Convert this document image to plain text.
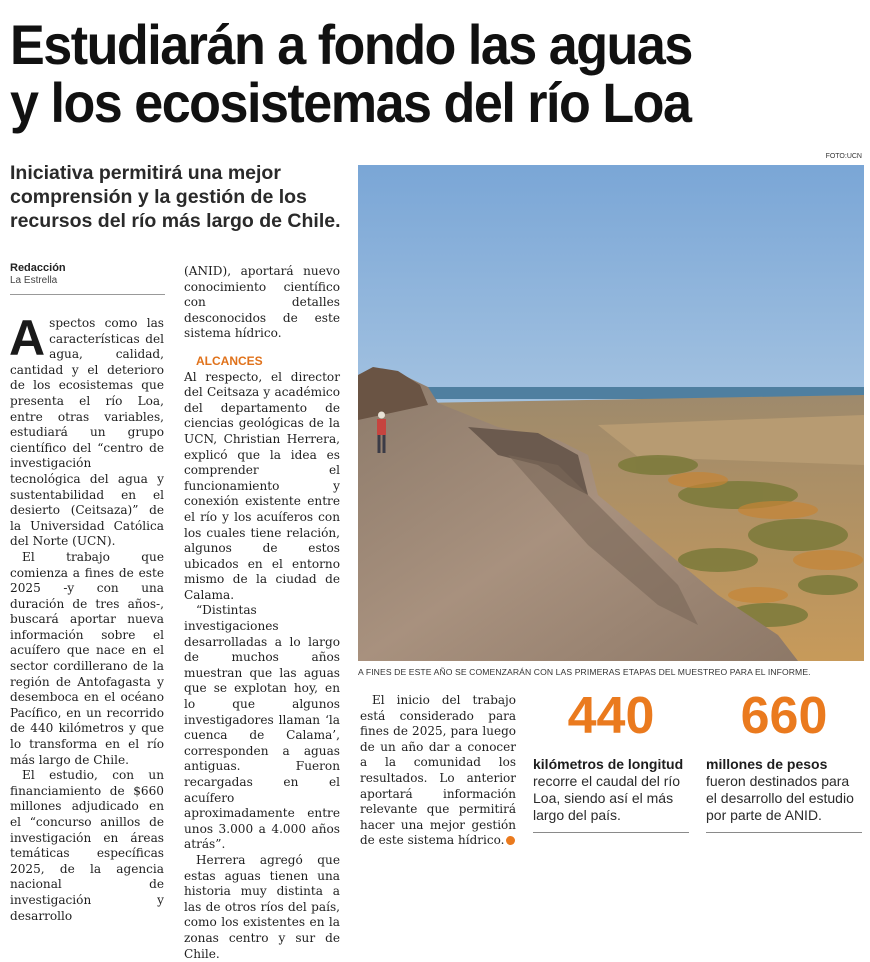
Estudiarán a fondo las aguas
y los ecosistemas del río Loa
Iniciativa permitirá una mejor comprensión y la gestión de los recursos del río más largo de Chile.
FOTO:UCN
A FINES DE ESTE AÑO SE COMENZARÁN CON LAS PRIMERAS ETAPAS DEL MUESTREO PARA EL INFORME.
Redacción
La Estrella

Aspectos como las características del agua, calidad, cantidad y el deterioro de los ecosistemas que presenta el río Loa, entre otras variables, estudiará un grupo científico del “centro de investigación tecnológica del agua y sustentabilidad en el desierto (Ceitsaza)” de la Universidad Católica del Norte (UCN).

El trabajo que comienza a fines de este 2025 -y con una duración de tres años-, buscará aportar nueva información sobre el acuífero que nace en el sector cordillerano de la región de Antofagasta y desemboca en el océano Pacífico, en un recorrido de 440 kilómetros y que lo transforma en el río más largo de Chile.

El estudio, con un financiamiento de $660 millones adjudicado en el “concurso anillos de investigación en áreas temáticas específicas 2025, de la agencia nacional de investigación y desarrollo

(ANID), aportará nuevo conocimiento científico con detalles desconocidos de este sistema hídrico.

ALCANCES

Al respecto, el director del Ceitsaza y académico del departamento de ciencias geológicas de la UCN, Christian Herrera, explicó que la idea es comprender el funcionamiento y conexión existente entre el río y los acuíferos con los cuales tiene relación, algunos de estos ubicados en el entorno mismo de la ciudad de Calama.

“Distintas investigaciones desarrolladas a lo largo de muchos años muestran que las aguas que se explotan hoy, en lo que algunos investigadores llaman ‘la cuenca de Calama’, corresponden a aguas antiguas. Fueron recargadas en el acuífero aproximadamente entre unos 3.000 a 4.000 años atrás”.

Herrera agregó que estas aguas tienen una historia muy distinta a las de otros ríos del país, como los existentes en la zonas centro y sur de Chile.

El inicio del trabajo está considerado para fines de 2025, para luego de un año dar a conocer a la comunidad los resultados. Lo anterior aportará información relevante que permitirá hacer una mejor gestión de este sistema hídrico.

440
kilómetros de longitud recorre el caudal del río Loa, siendo así el más largo del país.
660
millones de pesos fueron destinados para el desarrollo del estudio por parte de ANID.
